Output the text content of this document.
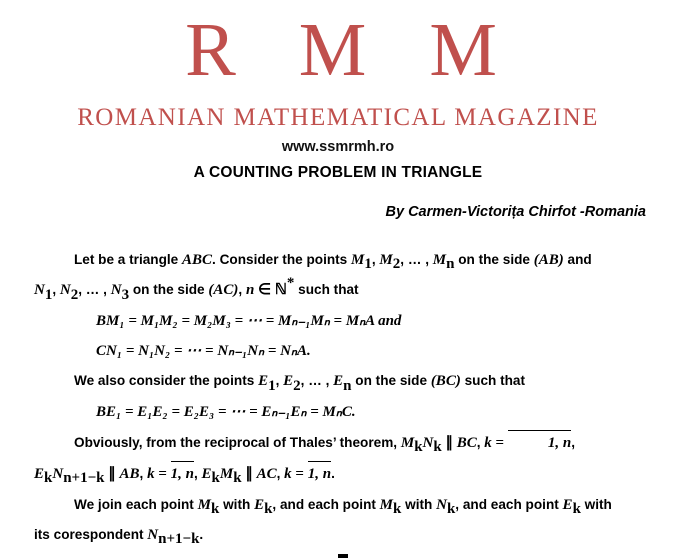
R M M
ROMANIAN MATHEMATICAL MAGAZINE
www.ssmrmh.ro
A COUNTING PROBLEM IN TRIANGLE
By Carmen-Victorița Chirfot -Romania
Let be a triangle ABC. Consider the points $M_1$, $M_2$, … , $M_n$ on the side (AB) and
$N_1$, $N_2$, … , $N_3$ on the side (AC), n ∈ ℕ* such that
BM₁ = M₁M₂ = M₂M₃ = ⋯ = Mₙ₋₁Mₙ = MₙA and
CN₁ = N₁N₂ = ⋯ = Nₙ₋₁Nₙ = NₙA.
We also consider the points $E_1$, $E_2$, … , $E_n$ on the side (BC) such that
BE₁ = E₁E₂ = E₂E₃ = ⋯ = Eₙ₋₁Eₙ = MₙC.
Obviously, from the reciprocal of Thales’ theorem, $M_kN_k$ ∥ BC, k =	1, n,
$E_kN_{n+1-k}$ ∥ AB, k = 1, n, $E_kM_k$ ∥ AC, k = 1, n.
We join each point $M_k$ with $E_k$, and each point $M_k$ with $N_k$, and each point $E_k$ with
its corespondent $N_{n+1-k}$.
